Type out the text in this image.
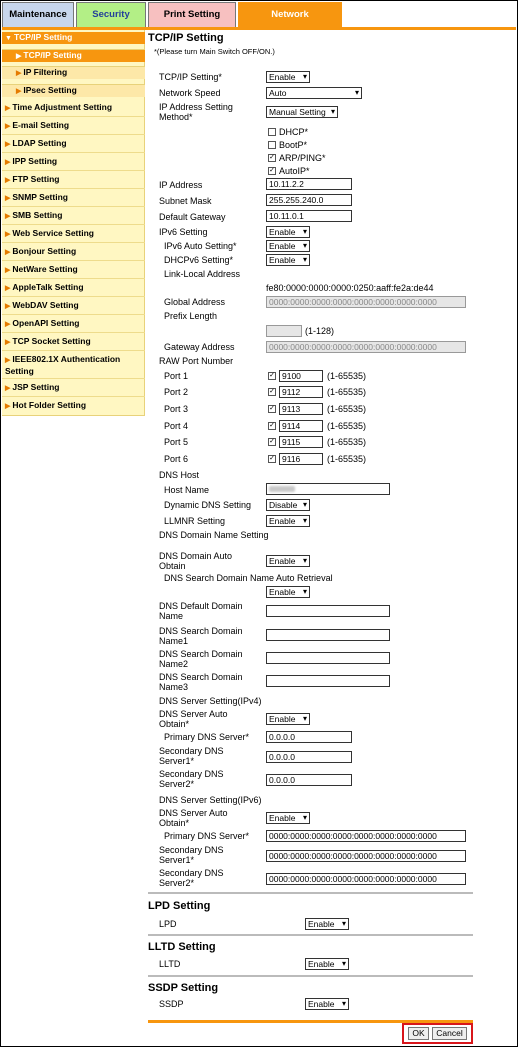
Maintenance	Security	Print Setting	Network
▼ TCP/IP Setting
▶ TCP/IP Setting
▶ IP Filtering
▶ IPsec Setting
▶ Time Adjustment Setting
▶ E-mail Setting
▶ LDAP Setting
▶ IPP Setting
▶ FTP Setting
▶ SNMP Setting
▶ SMB Setting
▶ Web Service Setting
▶ Bonjour Setting
▶ NetWare Setting
▶ AppleTalk Setting
▶ WebDAV Setting
▶ OpenAPI Setting
▶ TCP Socket Setting
▶ IEEE802.1X Authentication Setting
▶ JSP Setting
▶ Hot Folder Setting
TCP/IP Setting
*(Please turn Main Switch OFF/ON.)
TCP/IP Setting*	Enable ▾
Network Speed	Auto	▾
IP Address Setting Method*	Manual Setting ▾
DHCP*
BootP*
✓ ARP/PING*
✓ AutoIP*
IP Address	10.11.2.2
Subnet Mask	255.255.240.0
Default Gateway	10.11.0.1
IPv6 Setting	Enable ▾
IPv6 Auto Setting*	Enable ▾
DHCPv6 Setting*	Enable ▾
Link-Local Address
fe80:0000:0000:0000:0250:aaff:fe2a:de44
Global Address	0000:0000:0000:0000:0000:0000:0000:0000
Prefix Length
(1-128)
Gateway Address	0000:0000:0000:0000:0000:0000:0000:0000
RAW Port Number
Port 1	✓ 9100	(1-65535)
Port 2	✓ 9112	(1-65535)
Port 3	✓ 9113	(1-65535)
Port 4	✓ 9114	(1-65535)
Port 5	✓ 9115	(1-65535)
Port 6	✓ 9116	(1-65535)
DNS Host
Host Name
Dynamic DNS Setting	Disable ▾
LLMNR Setting	Enable ▾
DNS Domain Name Setting
DNS Domain Auto Obtain	Enable ▾
DNS Search Domain Name Auto Retrieval
Enable ▾
DNS Default Domain Name
DNS Search Domain Name1
DNS Search Domain Name2
DNS Search Domain Name3
DNS Server Setting(IPv4)
DNS Server Auto Obtain*	Enable ▾
Primary DNS Server*	0.0.0.0
Secondary DNS Server1*	0.0.0.0
Secondary DNS Server2*	0.0.0.0
DNS Server Setting(IPv6)
DNS Server Auto Obtain*	Enable ▾
Primary DNS Server*	0000:0000:0000:0000:0000:0000:0000:0000
Secondary DNS Server1*	0000:0000:0000:0000:0000:0000:0000:0000
Secondary DNS Server2*	0000:0000:0000:0000:0000:0000:0000:0000
LPD Setting
LPD	Enable ▾
LLTD Setting
LLTD	Enable ▾
SSDP Setting
SSDP	Enable ▾
OK	Cancel
